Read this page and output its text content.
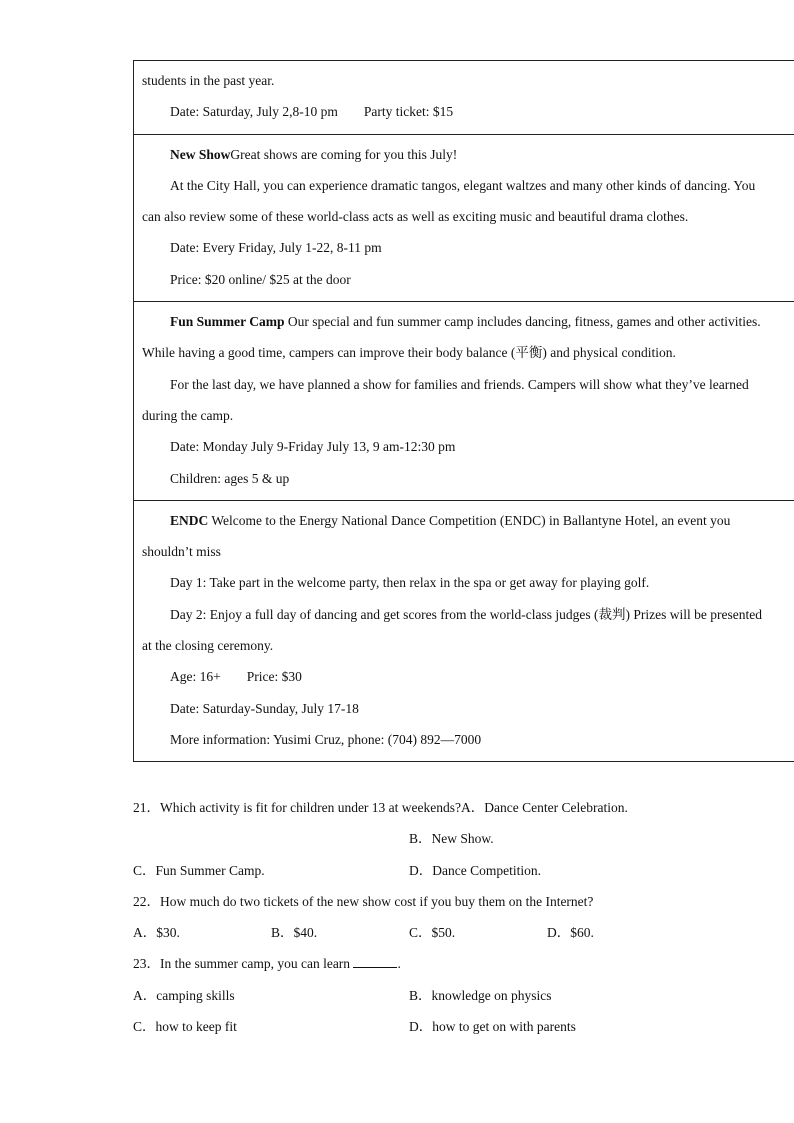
students in the past year.
Date: Saturday, July 2,8-10 pm Party ticket: $15
New ShowGreat shows are coming for you this July!
At the City Hall, you can experience dramatic tangos, elegant waltzes and many other kinds of dancing. You
can also review some of these world-class acts as well as exciting music and beautiful drama clothes.
Date: Every Friday, July 1-22, 8-11 pm
Price: $20 online/ $25 at the door
Fun Summer Camp Our special and fun summer camp includes dancing, fitness, games and other activities.
While having a good time, campers can improve their body balance (平衡) and physical condition.
For the last day, we have planned a show for families and friends. Campers will show what they’ve learned
during the camp.
Date: Monday July 9-Friday July 13, 9 am-12:30 pm
Children: ages 5 & up
ENDC Welcome to the Energy National Dance Competition (ENDC) in Ballantyne Hotel, an event you
shouldn’t miss
Day 1: Take part in the welcome party, then relax in the spa or get away for playing golf.
Day 2: Enjoy a full day of dancing and get scores from the world-class judges (裁判) Prizes will be presented
at the closing ceremony.
Age: 16+ Price: $30
Date: Saturday-Sunday, July 17-18
More information: Yusimi Cruz, phone: (704) 892—7000
21．Which activity is fit for children under 13 at weekends?A．Dance Center Celebration.
B．New Show.
C．Fun Summer Camp.	D．Dance Competition.
22．How much do two tickets of the new show cost if you buy them on the Internet?
A．$30.	B．$40.	C．$50.	D．$60.
23．In the summer camp, you can learn	.
A．camping skills	B．knowledge on physics
C．how to keep fit	D．how to get on with parents
